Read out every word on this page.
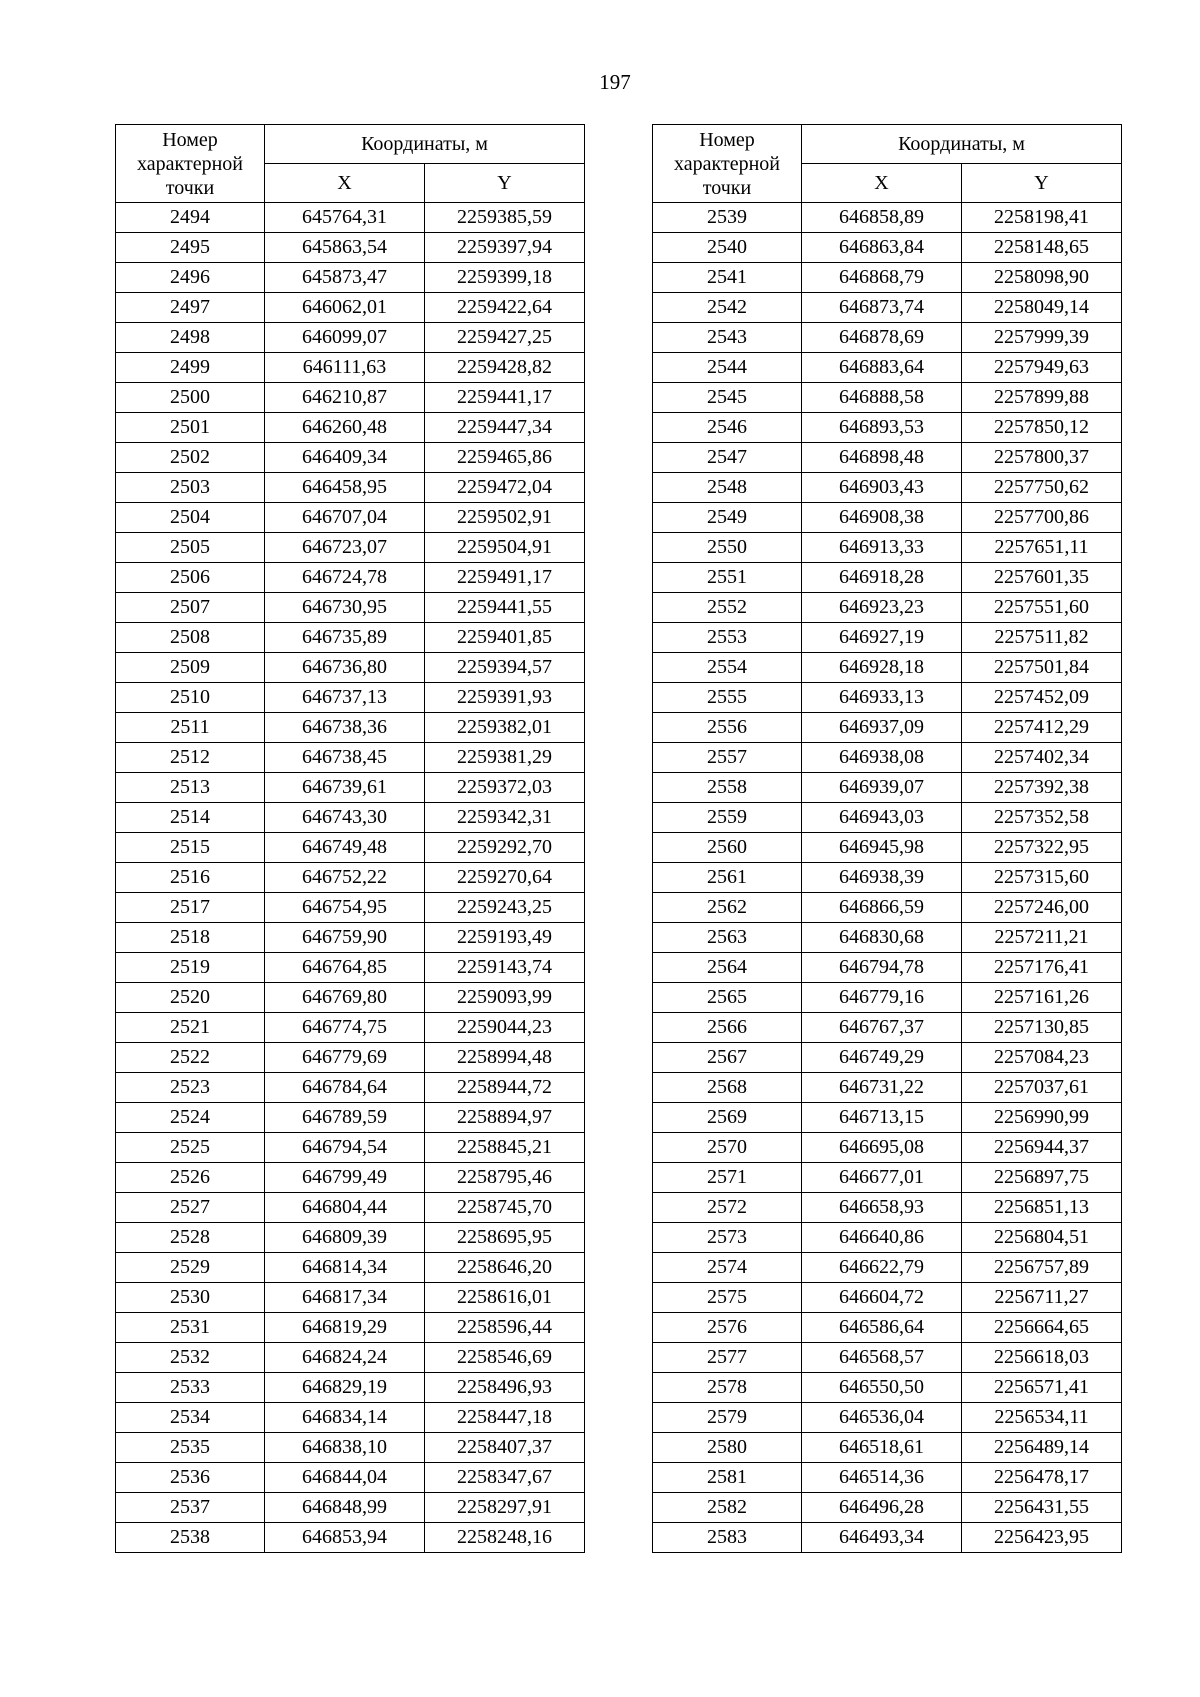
197
Номер характерной точки	Координаты, м	
	X	Y
2494	645764,31	2259385,59
2495	645863,54	2259397,94
2496	645873,47	2259399,18
2497	646062,01	2259422,64
2498	646099,07	2259427,25
2499	646111,63	2259428,82
2500	646210,87	2259441,17
2501	646260,48	2259447,34
2502	646409,34	2259465,86
2503	646458,95	2259472,04
2504	646707,04	2259502,91
2505	646723,07	2259504,91
2506	646724,78	2259491,17
2507	646730,95	2259441,55
2508	646735,89	2259401,85
2509	646736,80	2259394,57
2510	646737,13	2259391,93
2511	646738,36	2259382,01
2512	646738,45	2259381,29
2513	646739,61	2259372,03
2514	646743,30	2259342,31
2515	646749,48	2259292,70
2516	646752,22	2259270,64
2517	646754,95	2259243,25
2518	646759,90	2259193,49
2519	646764,85	2259143,74
2520	646769,80	2259093,99
2521	646774,75	2259044,23
2522	646779,69	2258994,48
2523	646784,64	2258944,72
2524	646789,59	2258894,97
2525	646794,54	2258845,21
2526	646799,49	2258795,46
2527	646804,44	2258745,70
2528	646809,39	2258695,95
2529	646814,34	2258646,20
2530	646817,34	2258616,01
2531	646819,29	2258596,44
2532	646824,24	2258546,69
2533	646829,19	2258496,93
2534	646834,14	2258447,18
2535	646838,10	2258407,37
2536	646844,04	2258347,67
2537	646848,99	2258297,91
2538	646853,94	2258248,16
Номер характерной точки	Координаты, м	
	X	Y
2539	646858,89	2258198,41
2540	646863,84	2258148,65
2541	646868,79	2258098,90
2542	646873,74	2258049,14
2543	646878,69	2257999,39
2544	646883,64	2257949,63
2545	646888,58	2257899,88
2546	646893,53	2257850,12
2547	646898,48	2257800,37
2548	646903,43	2257750,62
2549	646908,38	2257700,86
2550	646913,33	2257651,11
2551	646918,28	2257601,35
2552	646923,23	2257551,60
2553	646927,19	2257511,82
2554	646928,18	2257501,84
2555	646933,13	2257452,09
2556	646937,09	2257412,29
2557	646938,08	2257402,34
2558	646939,07	2257392,38
2559	646943,03	2257352,58
2560	646945,98	2257322,95
2561	646938,39	2257315,60
2562	646866,59	2257246,00
2563	646830,68	2257211,21
2564	646794,78	2257176,41
2565	646779,16	2257161,26
2566	646767,37	2257130,85
2567	646749,29	2257084,23
2568	646731,22	2257037,61
2569	646713,15	2256990,99
2570	646695,08	2256944,37
2571	646677,01	2256897,75
2572	646658,93	2256851,13
2573	646640,86	2256804,51
2574	646622,79	2256757,89
2575	646604,72	2256711,27
2576	646586,64	2256664,65
2577	646568,57	2256618,03
2578	646550,50	2256571,41
2579	646536,04	2256534,11
2580	646518,61	2256489,14
2581	646514,36	2256478,17
2582	646496,28	2256431,55
2583	646493,34	2256423,95
